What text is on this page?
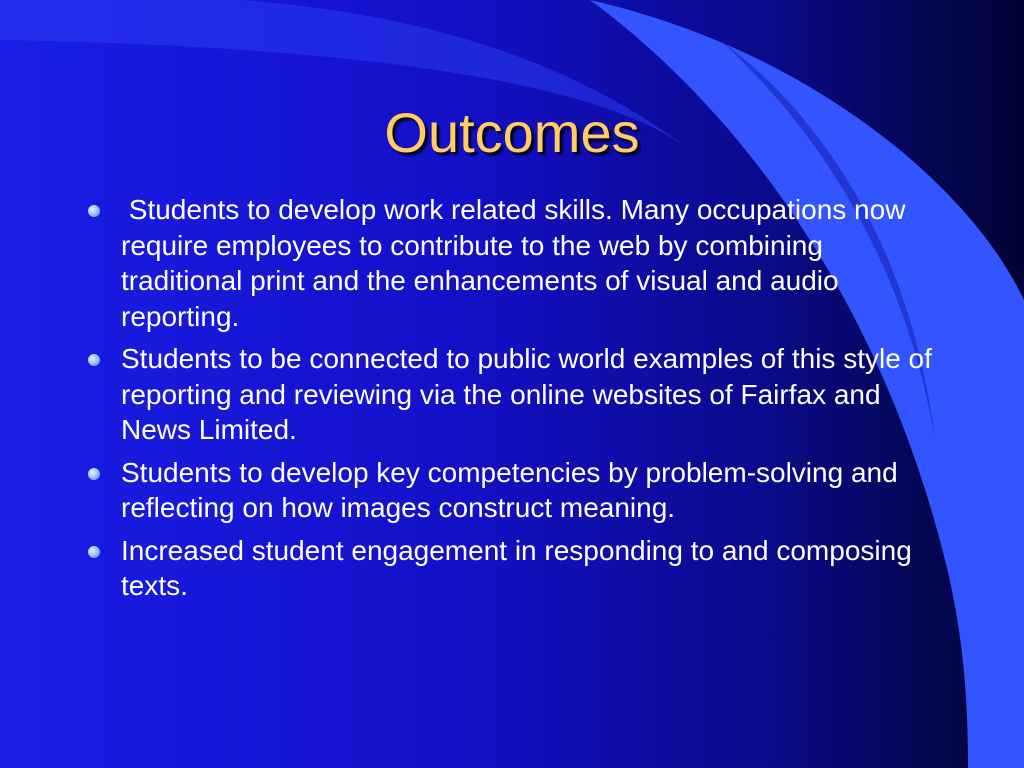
Outcomes
Students to develop work related skills. Many occupations now require employees to contribute to the web by combining traditional print and the enhancements of visual and audio reporting.
Students to be connected to public world examples of this style of reporting and reviewing via the online websites of Fairfax and News Limited.
Students to develop key competencies by problem-solving and reflecting on how images construct meaning.
Increased student engagement in responding to and composing texts.
